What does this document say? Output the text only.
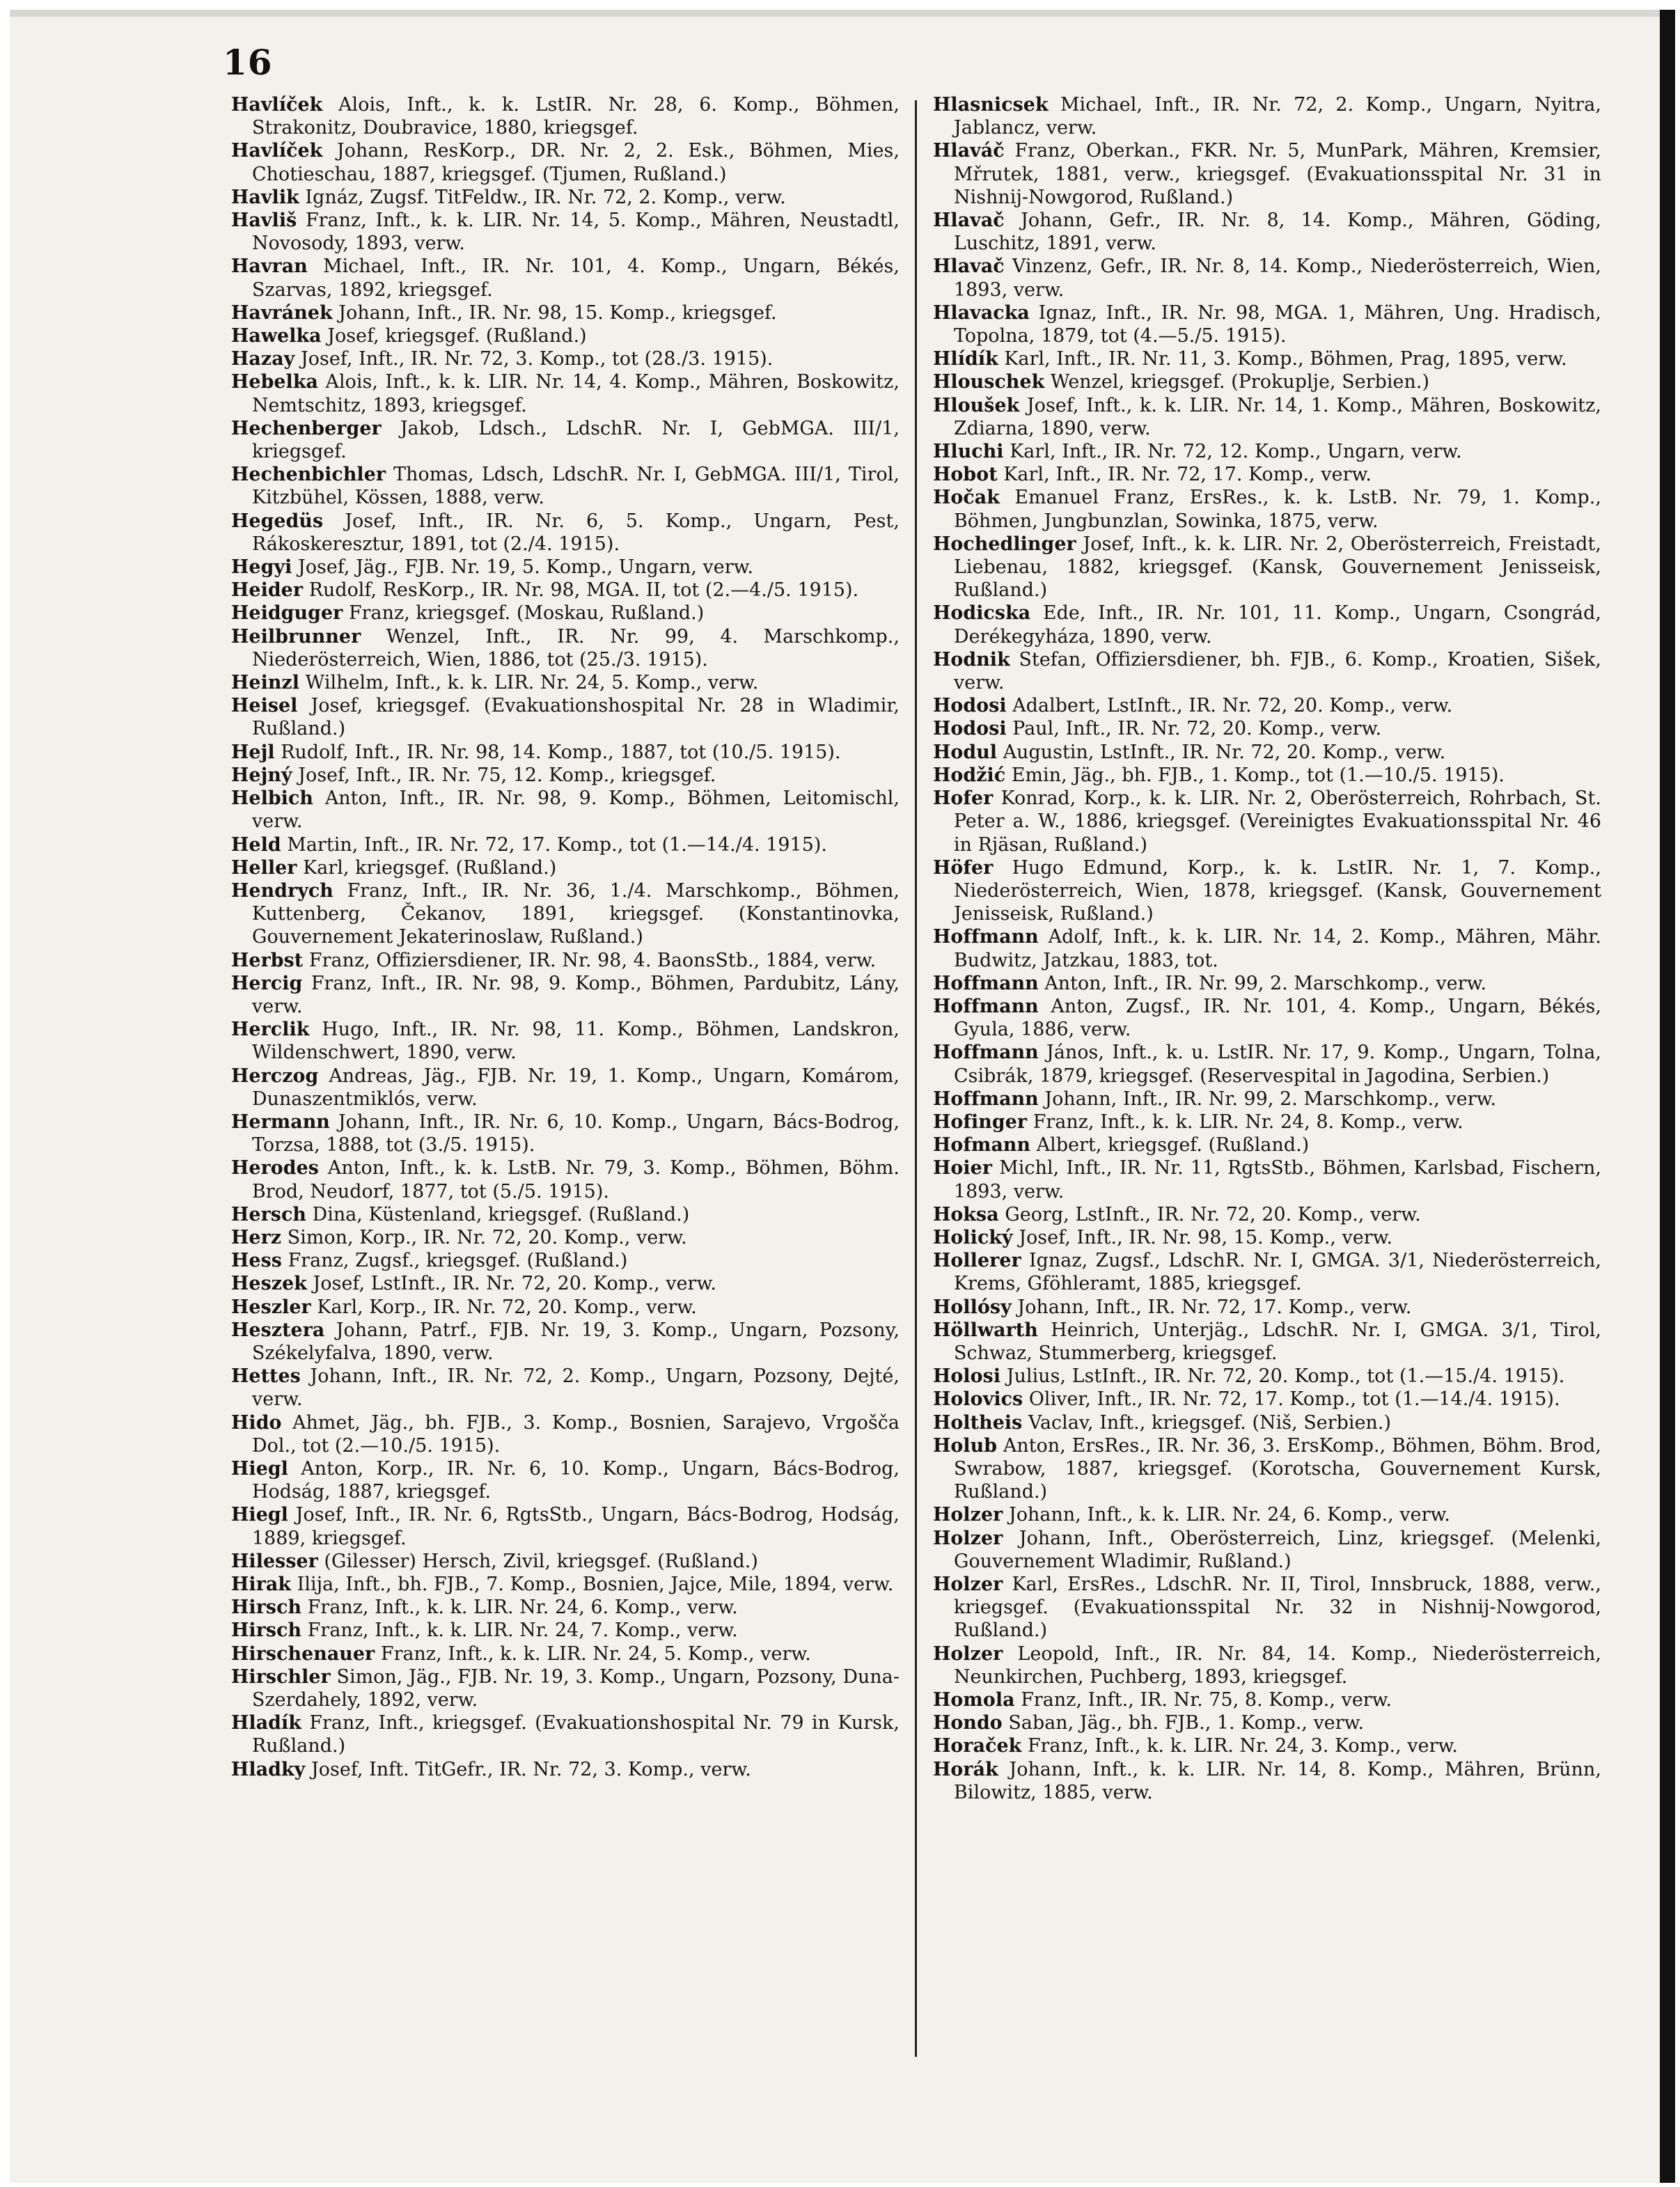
16

Havlíček Alois, Inft., k. k. LstIR. Nr. 28, 6. Komp., Böhmen, Strakonitz, Doubravice, 1880, kriegsgef.

Havlíček Johann, ResKorp., DR. Nr. 2, 2. Esk., Böhmen, Mies, Chotieschau, 1887, kriegsgef. (Tjumen, Rußland.)

Havlik Ignáz, Zugsf. TitFeldw., IR. Nr. 72, 2. Komp., verw.

Havliš Franz, Inft., k. k. LIR. Nr. 14, 5. Komp., Mähren, Neustadtl, Novosody, 1893, verw.

Havran Michael, Inft., IR. Nr. 101, 4. Komp., Ungarn, Békés, Szarvas, 1892, kriegsgef.

Havránek Johann, Inft., IR. Nr. 98, 15. Komp., kriegsgef.

Hawelka Josef, kriegsgef. (Rußland.)

Hazay Josef, Inft., IR. Nr. 72, 3. Komp., tot (28./3. 1915).

Hebelka Alois, Inft., k. k. LIR. Nr. 14, 4. Komp., Mähren, Boskowitz, Nemtschitz, 1893, kriegsgef.

Hechenberger Jakob, Ldsch., LdschR. Nr. I, GebMGA. III/1, kriegsgef.

Hechenbichler Thomas, Ldsch, LdschR. Nr. I, GebMGA. III/1, Tirol, Kitzbühel, Kössen, 1888, verw.

Hegedüs Josef, Inft., IR. Nr. 6, 5. Komp., Ungarn, Pest, Rákoskeresztur, 1891, tot (2./4. 1915).

Hegyi Josef, Jäg., FJB. Nr. 19, 5. Komp., Ungarn, verw.

Heider Rudolf, ResKorp., IR. Nr. 98, MGA. II, tot (2.—4./5. 1915).

Heidguger Franz, kriegsgef. (Moskau, Rußland.)

Heilbrunner Wenzel, Inft., IR. Nr. 99, 4. Marschkomp., Niederösterreich, Wien, 1886, tot (25./3. 1915).

Heinzl Wilhelm, Inft., k. k. LIR. Nr. 24, 5. Komp., verw.

Heisel Josef, kriegsgef. (Evakuationshospital Nr. 28 in Wladimir, Rußland.)

Hejl Rudolf, Inft., IR. Nr. 98, 14. Komp., 1887, tot (10./5. 1915).

Hejný Josef, Inft., IR. Nr. 75, 12. Komp., kriegsgef.

Helbich Anton, Inft., IR. Nr. 98, 9. Komp., Böhmen, Leitomischl, verw.

Held Martin, Inft., IR. Nr. 72, 17. Komp., tot (1.—14./4. 1915).

Heller Karl, kriegsgef. (Rußland.)

Hendrych Franz, Inft., IR. Nr. 36, 1./4. Marschkomp., Böhmen, Kuttenberg, Čekanov, 1891, kriegsgef. (Konstantinovka, Gouvernement Jekaterinoslaw, Rußland.)

Herbst Franz, Offiziersdiener, IR. Nr. 98, 4. BaonsStb., 1884, verw.

Hercig Franz, Inft., IR. Nr. 98, 9. Komp., Böhmen, Pardubitz, Lány, verw.

Herclik Hugo, Inft., IR. Nr. 98, 11. Komp., Böhmen, Landskron, Wildenschwert, 1890, verw.

Herczog Andreas, Jäg., FJB. Nr. 19, 1. Komp., Ungarn, Komárom, Dunaszentmiklós, verw.

Hermann Johann, Inft., IR. Nr. 6, 10. Komp., Ungarn, Bács-Bodrog, Torzsa, 1888, tot (3./5. 1915).

Herodes Anton, Inft., k. k. LstB. Nr. 79, 3. Komp., Böhmen, Böhm. Brod, Neudorf, 1877, tot (5./5. 1915).

Hersch Dina, Küstenland, kriegsgef. (Rußland.)

Herz Simon, Korp., IR. Nr. 72, 20. Komp., verw.

Hess Franz, Zugsf., kriegsgef. (Rußland.)

Heszek Josef, LstInft., IR. Nr. 72, 20. Komp., verw.

Heszler Karl, Korp., IR. Nr. 72, 20. Komp., verw.

Hesztera Johann, Patrf., FJB. Nr. 19, 3. Komp., Ungarn, Pozsony, Székelyfalva, 1890, verw.

Hettes Johann, Inft., IR. Nr. 72, 2. Komp., Ungarn, Pozsony, Dejté, verw.

Hido Ahmet, Jäg., bh. FJB., 3. Komp., Bosnien, Sarajevo, Vrgošča Dol., tot (2.—10./5. 1915).

Hiegl Anton, Korp., IR. Nr. 6, 10. Komp., Ungarn, Bács-Bodrog, Hodság, 1887, kriegsgef.

Hiegl Josef, Inft., IR. Nr. 6, RgtsStb., Ungarn, Bács-Bodrog, Hodság, 1889, kriegsgef.

Hilesser (Gilesser) Hersch, Zivil, kriegsgef. (Rußland.)

Hirak Ilija, Inft., bh. FJB., 7. Komp., Bosnien, Jajce, Mile, 1894, verw.

Hirsch Franz, Inft., k. k. LIR. Nr. 24, 6. Komp., verw.

Hirsch Franz, Inft., k. k. LIR. Nr. 24, 7. Komp., verw.

Hirschenauer Franz, Inft., k. k. LIR. Nr. 24, 5. Komp., verw.

Hirschler Simon, Jäg., FJB. Nr. 19, 3. Komp., Ungarn, Pozsony, Duna-Szerdahely, 1892, verw.

Hladík Franz, Inft., kriegsgef. (Evakuationshospital Nr. 79 in Kursk, Rußland.)

Hladky Josef, Inft. TitGefr., IR. Nr. 72, 3. Komp., verw.

Hlasnicsek Michael, Inft., IR. Nr. 72, 2. Komp., Ungarn, Nyitra, Jablancz, verw.

Hlaváč Franz, Oberkan., FKR. Nr. 5, MunPark, Mähren, Kremsier, Mřrutek, 1881, verw., kriegsgef. (Evakuationsspital Nr. 31 in Nishnij-Nowgorod, Rußland.)

Hlavač Johann, Gefr., IR. Nr. 8, 14. Komp., Mähren, Göding, Luschitz, 1891, verw.

Hlavač Vinzenz, Gefr., IR. Nr. 8, 14. Komp., Niederösterreich, Wien, 1893, verw.

Hlavacka Ignaz, Inft., IR. Nr. 98, MGA. 1, Mähren, Ung. Hradisch, Topolna, 1879, tot (4.—5./5. 1915).

Hlídík Karl, Inft., IR. Nr. 11, 3. Komp., Böhmen, Prag, 1895, verw.

Hlouschek Wenzel, kriegsgef. (Prokuplje, Serbien.)

Hloušek Josef, Inft., k. k. LIR. Nr. 14, 1. Komp., Mähren, Boskowitz, Zdiarna, 1890, verw.

Hluchi Karl, Inft., IR. Nr. 72, 12. Komp., Ungarn, verw.

Hobot Karl, Inft., IR. Nr. 72, 17. Komp., verw.

Hočak Emanuel Franz, ErsRes., k. k. LstB. Nr. 79, 1. Komp., Böhmen, Jungbunzlan, Sowinka, 1875, verw.

Hochedlinger Josef, Inft., k. k. LIR. Nr. 2, Oberösterreich, Freistadt, Liebenau, 1882, kriegsgef. (Kansk, Gouvernement Jenisseisk, Rußland.)

Hodicska Ede, Inft., IR. Nr. 101, 11. Komp., Ungarn, Csongrád, Derékegyháza, 1890, verw.

Hodnik Stefan, Offiziersdiener, bh. FJB., 6. Komp., Kroatien, Sišek, verw.

Hodosi Adalbert, LstInft., IR. Nr. 72, 20. Komp., verw.

Hodosi Paul, Inft., IR. Nr. 72, 20. Komp., verw.

Hodul Augustin, LstInft., IR. Nr. 72, 20. Komp., verw.

Hodžić Emin, Jäg., bh. FJB., 1. Komp., tot (1.—10./5. 1915).

Hofer Konrad, Korp., k. k. LIR. Nr. 2, Oberösterreich, Rohrbach, St. Peter a. W., 1886, kriegsgef. (Vereinigtes Evakuationsspital Nr. 46 in Rjäsan, Rußland.)

Höfer Hugo Edmund, Korp., k. k. LstIR. Nr. 1, 7. Komp., Niederösterreich, Wien, 1878, kriegsgef. (Kansk, Gouvernement Jenisseisk, Rußland.)

Hoffmann Adolf, Inft., k. k. LIR. Nr. 14, 2. Komp., Mähren, Mähr. Budwitz, Jatzkau, 1883, tot.

Hoffmann Anton, Inft., IR. Nr. 99, 2. Marschkomp., verw.

Hoffmann Anton, Zugsf., IR. Nr. 101, 4. Komp., Ungarn, Békés, Gyula, 1886, verw.

Hoffmann János, Inft., k. u. LstIR. Nr. 17, 9. Komp., Ungarn, Tolna, Csibrák, 1879, kriegsgef. (Reservespital in Jagodina, Serbien.)

Hoffmann Johann, Inft., IR. Nr. 99, 2. Marschkomp., verw.

Hofinger Franz, Inft., k. k. LIR. Nr. 24, 8. Komp., verw.

Hofmann Albert, kriegsgef. (Rußland.)

Hoier Michl, Inft., IR. Nr. 11, RgtsStb., Böhmen, Karlsbad, Fischern, 1893, verw.

Hoksa Georg, LstInft., IR. Nr. 72, 20. Komp., verw.

Holický Josef, Inft., IR. Nr. 98, 15. Komp., verw.

Hollerer Ignaz, Zugsf., LdschR. Nr. I, GMGA. 3/1, Niederösterreich, Krems, Gföhleramt, 1885, kriegsgef.

Hollósy Johann, Inft., IR. Nr. 72, 17. Komp., verw.

Höllwarth Heinrich, Unterjäg., LdschR. Nr. I, GMGA. 3/1, Tirol, Schwaz, Stummerberg, kriegsgef.

Holosi Julius, LstInft., IR. Nr. 72, 20. Komp., tot (1.—15./4. 1915).

Holovics Oliver, Inft., IR. Nr. 72, 17. Komp., tot (1.—14./4. 1915).

Holtheis Vaclav, Inft., kriegsgef. (Niš, Serbien.)

Holub Anton, ErsRes., IR. Nr. 36, 3. ErsKomp., Böhmen, Böhm. Brod, Swrabow, 1887, kriegsgef. (Korotscha, Gouvernement Kursk, Rußland.)

Holzer Johann, Inft., k. k. LIR. Nr. 24, 6. Komp., verw.

Holzer Johann, Inft., Oberösterreich, Linz, kriegsgef. (Melenki, Gouvernement Wladimir, Rußland.)

Holzer Karl, ErsRes., LdschR. Nr. II, Tirol, Innsbruck, 1888, verw., kriegsgef. (Evakuationsspital Nr. 32 in Nishnij-Nowgorod, Rußland.)

Holzer Leopold, Inft., IR. Nr. 84, 14. Komp., Niederösterreich, Neunkirchen, Puchberg, 1893, kriegsgef.

Homola Franz, Inft., IR. Nr. 75, 8. Komp., verw.

Hondo Saban, Jäg., bh. FJB., 1. Komp., verw.

Horaček Franz, Inft., k. k. LIR. Nr. 24, 3. Komp., verw.

Horák Johann, Inft., k. k. LIR. Nr. 14, 8. Komp., Mähren, Brünn, Bilowitz, 1885, verw.
